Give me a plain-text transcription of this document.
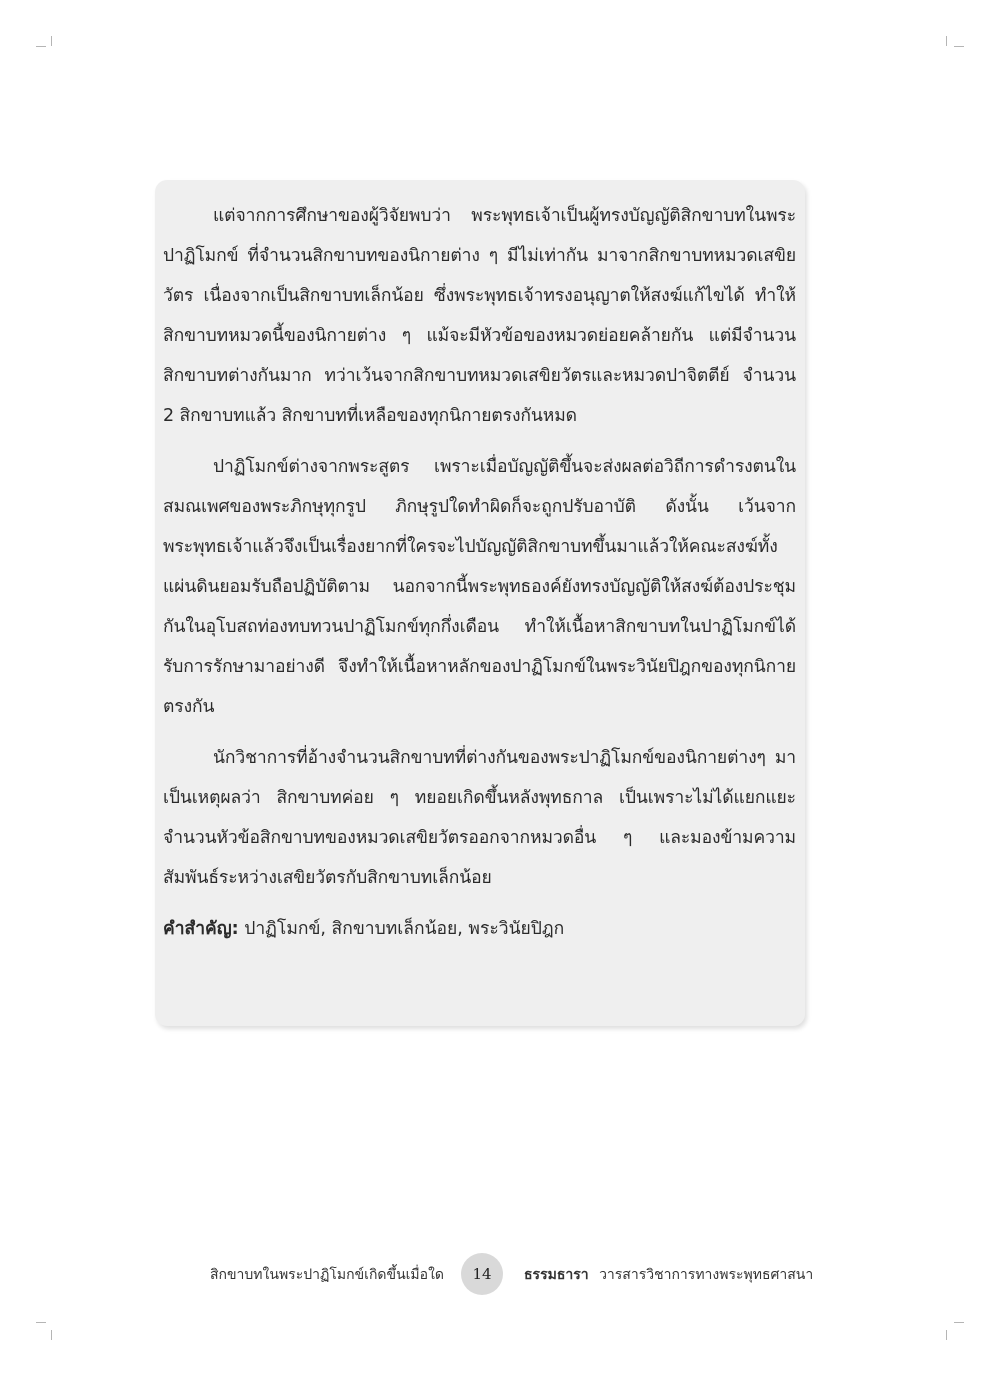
แต่จากการศึกษาของผู้วิจัยพบว่า พระพุทธเจ้าเป็นผู้ทรงบัญญัติสิกขาบทในพระปาฏิโมกข์ ที่จำนวนสิกขาบทของนิกายต่าง ๆ มีไม่เท่ากัน มาจากสิกขาบทหมวดเสขิยวัตร เนื่องจากเป็นสิกขาบทเล็กน้อย ซึ่งพระพุทธเจ้าทรงอนุญาตให้สงฆ์แก้ไขได้ ทำให้สิกขาบทหมวดนี้ของนิกายต่าง ๆ แม้จะมีหัวข้อของหมวดย่อยคล้ายกัน แต่มีจำนวนสิกขาบทต่างกันมาก ทว่าเว้นจากสิกขาบทหมวดเสขิยวัตรและหมวดปาจิตตีย์ จำนวน 2 สิกขาบทแล้ว สิกขาบทที่เหลือของทุกนิกายตรงกันหมด

ปาฏิโมกข์ต่างจากพระสูตร เพราะเมื่อบัญญัติขึ้นจะส่งผลต่อวิถีการดำรงตนในสมณเพศของพระภิกษุทุกรูป ภิกษุรูปใดทำผิดก็จะถูกปรับอาบัติ ดังนั้น เว้นจากพระพุทธเจ้าแล้วจึงเป็นเรื่องยากที่ใครจะไปบัญญัติสิกขาบทขึ้นมาแล้วให้คณะสงฆ์ทั้งแผ่นดินยอมรับถือปฏิบัติตาม นอกจากนี้พระพุทธองค์ยังทรงบัญญัติให้สงฆ์ต้องประชุมกันในอุโบสถท่องทบทวนปาฏิโมกข์ทุกกึ่งเดือน ทำให้เนื้อหาสิกขาบทในปาฏิโมกข์ได้รับการรักษามาอย่างดี จึงทำให้เนื้อหาหลักของปาฏิโมกข์ในพระวินัยปิฎกของทุกนิกายตรงกัน

นักวิชาการที่อ้างจำนวนสิกขาบทที่ต่างกันของพระปาฏิโมกข์ของนิกายต่างๆ มาเป็นเหตุผลว่า สิกขาบทค่อย ๆ ทยอยเกิดขึ้นหลังพุทธกาล เป็นเพราะไม่ได้แยกแยะจำนวนหัวข้อสิกขาบทของหมวดเสขิยวัตรออกจากหมวดอื่น ๆ และมองข้ามความสัมพันธ์ระหว่างเสขิยวัตรกับสิกขาบทเล็กน้อย

คำสำคัญ: ปาฏิโมกข์, สิกขาบทเล็กน้อย, พระวินัยปิฎก
สิกขาบทในพระปาฏิโมกข์เกิดขึ้นเมื่อใด	14	ธรรมธารา วารสารวิชาการทางพระพุทธศาสนา
